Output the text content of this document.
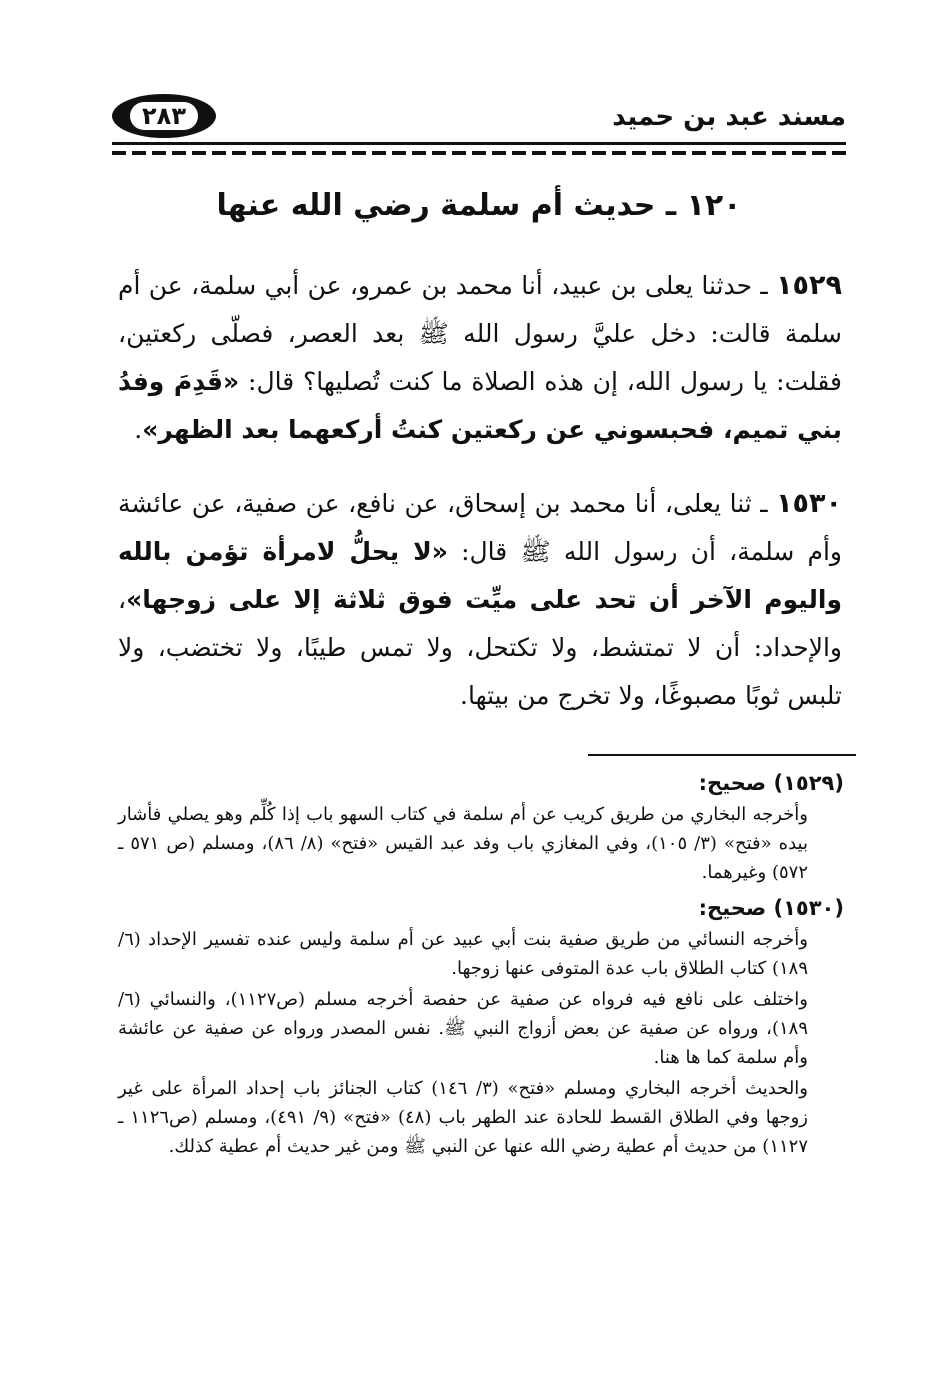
مسند عبد بن حميد
٢٨٣
١٢٠ ـ حديث أم سلمة رضي الله عنها

١٥٢٩ ـ حدثنا يعلى بن عبيد، أنا محمد بن عمرو، عن أبي سلمة، عن أم سلمة قالت: دخل عليَّ رسول الله ﷺ بعد العصر، فصلّى ركعتين، فقلت: يا رسول الله، إن هذه الصلاة ما كنت تُصليها؟ قال: «قَدِمَ وفدُ بني تميم، فحبسوني عن ركعتين كنتُ أركعهما بعد الظهر».

١٥٣٠ ـ ثنا يعلى، أنا محمد بن إسحاق، عن نافع، عن صفية، عن عائشة وأم سلمة، أن رسول الله ﷺ قال: «لا يحلُّ لامرأة تؤمن بالله واليوم الآخر أن تحد على ميِّت فوق ثلاثة إلا على زوجها»، والإحداد: أن لا تمتشط، ولا تكتحل، ولا تمس طيبًا، ولا تختضب، ولا تلبس ثوبًا مصبوغًا، ولا تخرج من بيتها.

(١٥٢٩) صحيح:

وأخرجه البخاري من طريق كريب عن أم سلمة في كتاب السهو باب إذا كُلِّم وهو يصلي فأشار بيده «فتح» (٣/ ١٠٥)، وفي المغازي باب وفد عبد القيس «فتح» (٨/ ٨٦)، ومسلم (ص ٥٧١ ـ ٥٧٢) وغيرهما.

(١٥٣٠) صحيح:

وأخرجه النسائي من طريق صفية بنت أبي عبيد عن أم سلمة وليس عنده تفسير الإحداد (٦/ ١٨٩) كتاب الطلاق باب عدة المتوفى عنها زوجها.

واختلف على نافع فيه فرواه عن صفية عن حفصة أخرجه مسلم (ص١١٢٧)، والنسائي (٦/ ١٨٩)، ورواه عن صفية عن بعض أزواج النبي ﷺ. نفس المصدر ورواه عن صفية عن عائشة وأم سلمة كما ها هنا.

والحديث أخرجه البخاري ومسلم «فتح» (٣/ ١٤٦) كتاب الجنائز باب إحداد المرأة على غير زوجها وفي الطلاق القسط للحادة عند الطهر باب (٤٨) «فتح» (٩/ ٤٩١)، ومسلم (ص١١٢٦ ـ ١١٢٧) من حديث أم عطية رضي الله عنها عن النبي ﷺ ومن غير حديث أم عطية كذلك.
